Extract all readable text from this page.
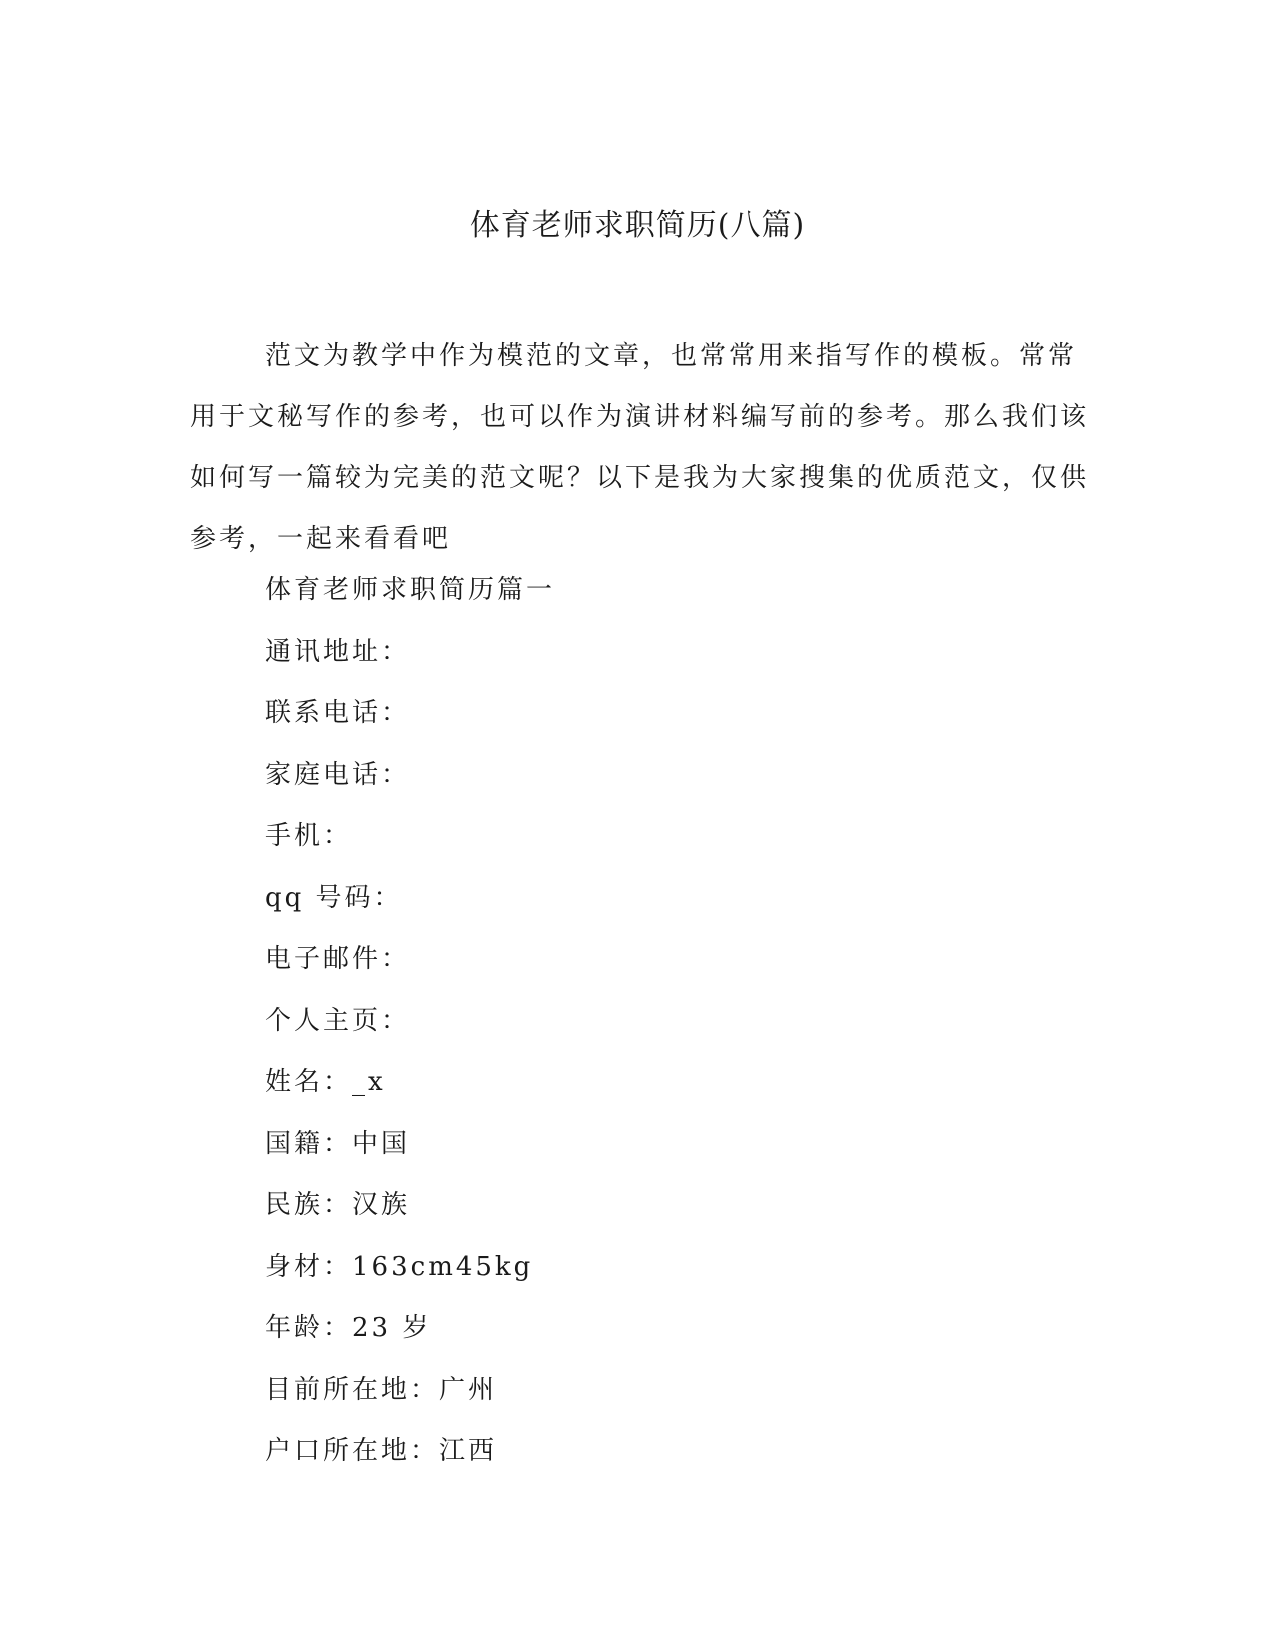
体育老师求职简历(八篇)

范文为教学中作为模范的文章，也常常用来指写作的模板。常常用于文秘写作的参考，也可以作为演讲材料编写前的参考。那么我们该如何写一篇较为完美的范文呢？以下是我为大家搜集的优质范文，仅供参考，一起来看看吧

体育老师求职简历篇一
通讯地址：
联系电话：
家庭电话：
手机：
qq 号码：
电子邮件：
个人主页：
姓名：_x
国籍：中国
民族：汉族
身材：163cm45kg
年龄：23 岁
目前所在地：广州
户口所在地：江西
